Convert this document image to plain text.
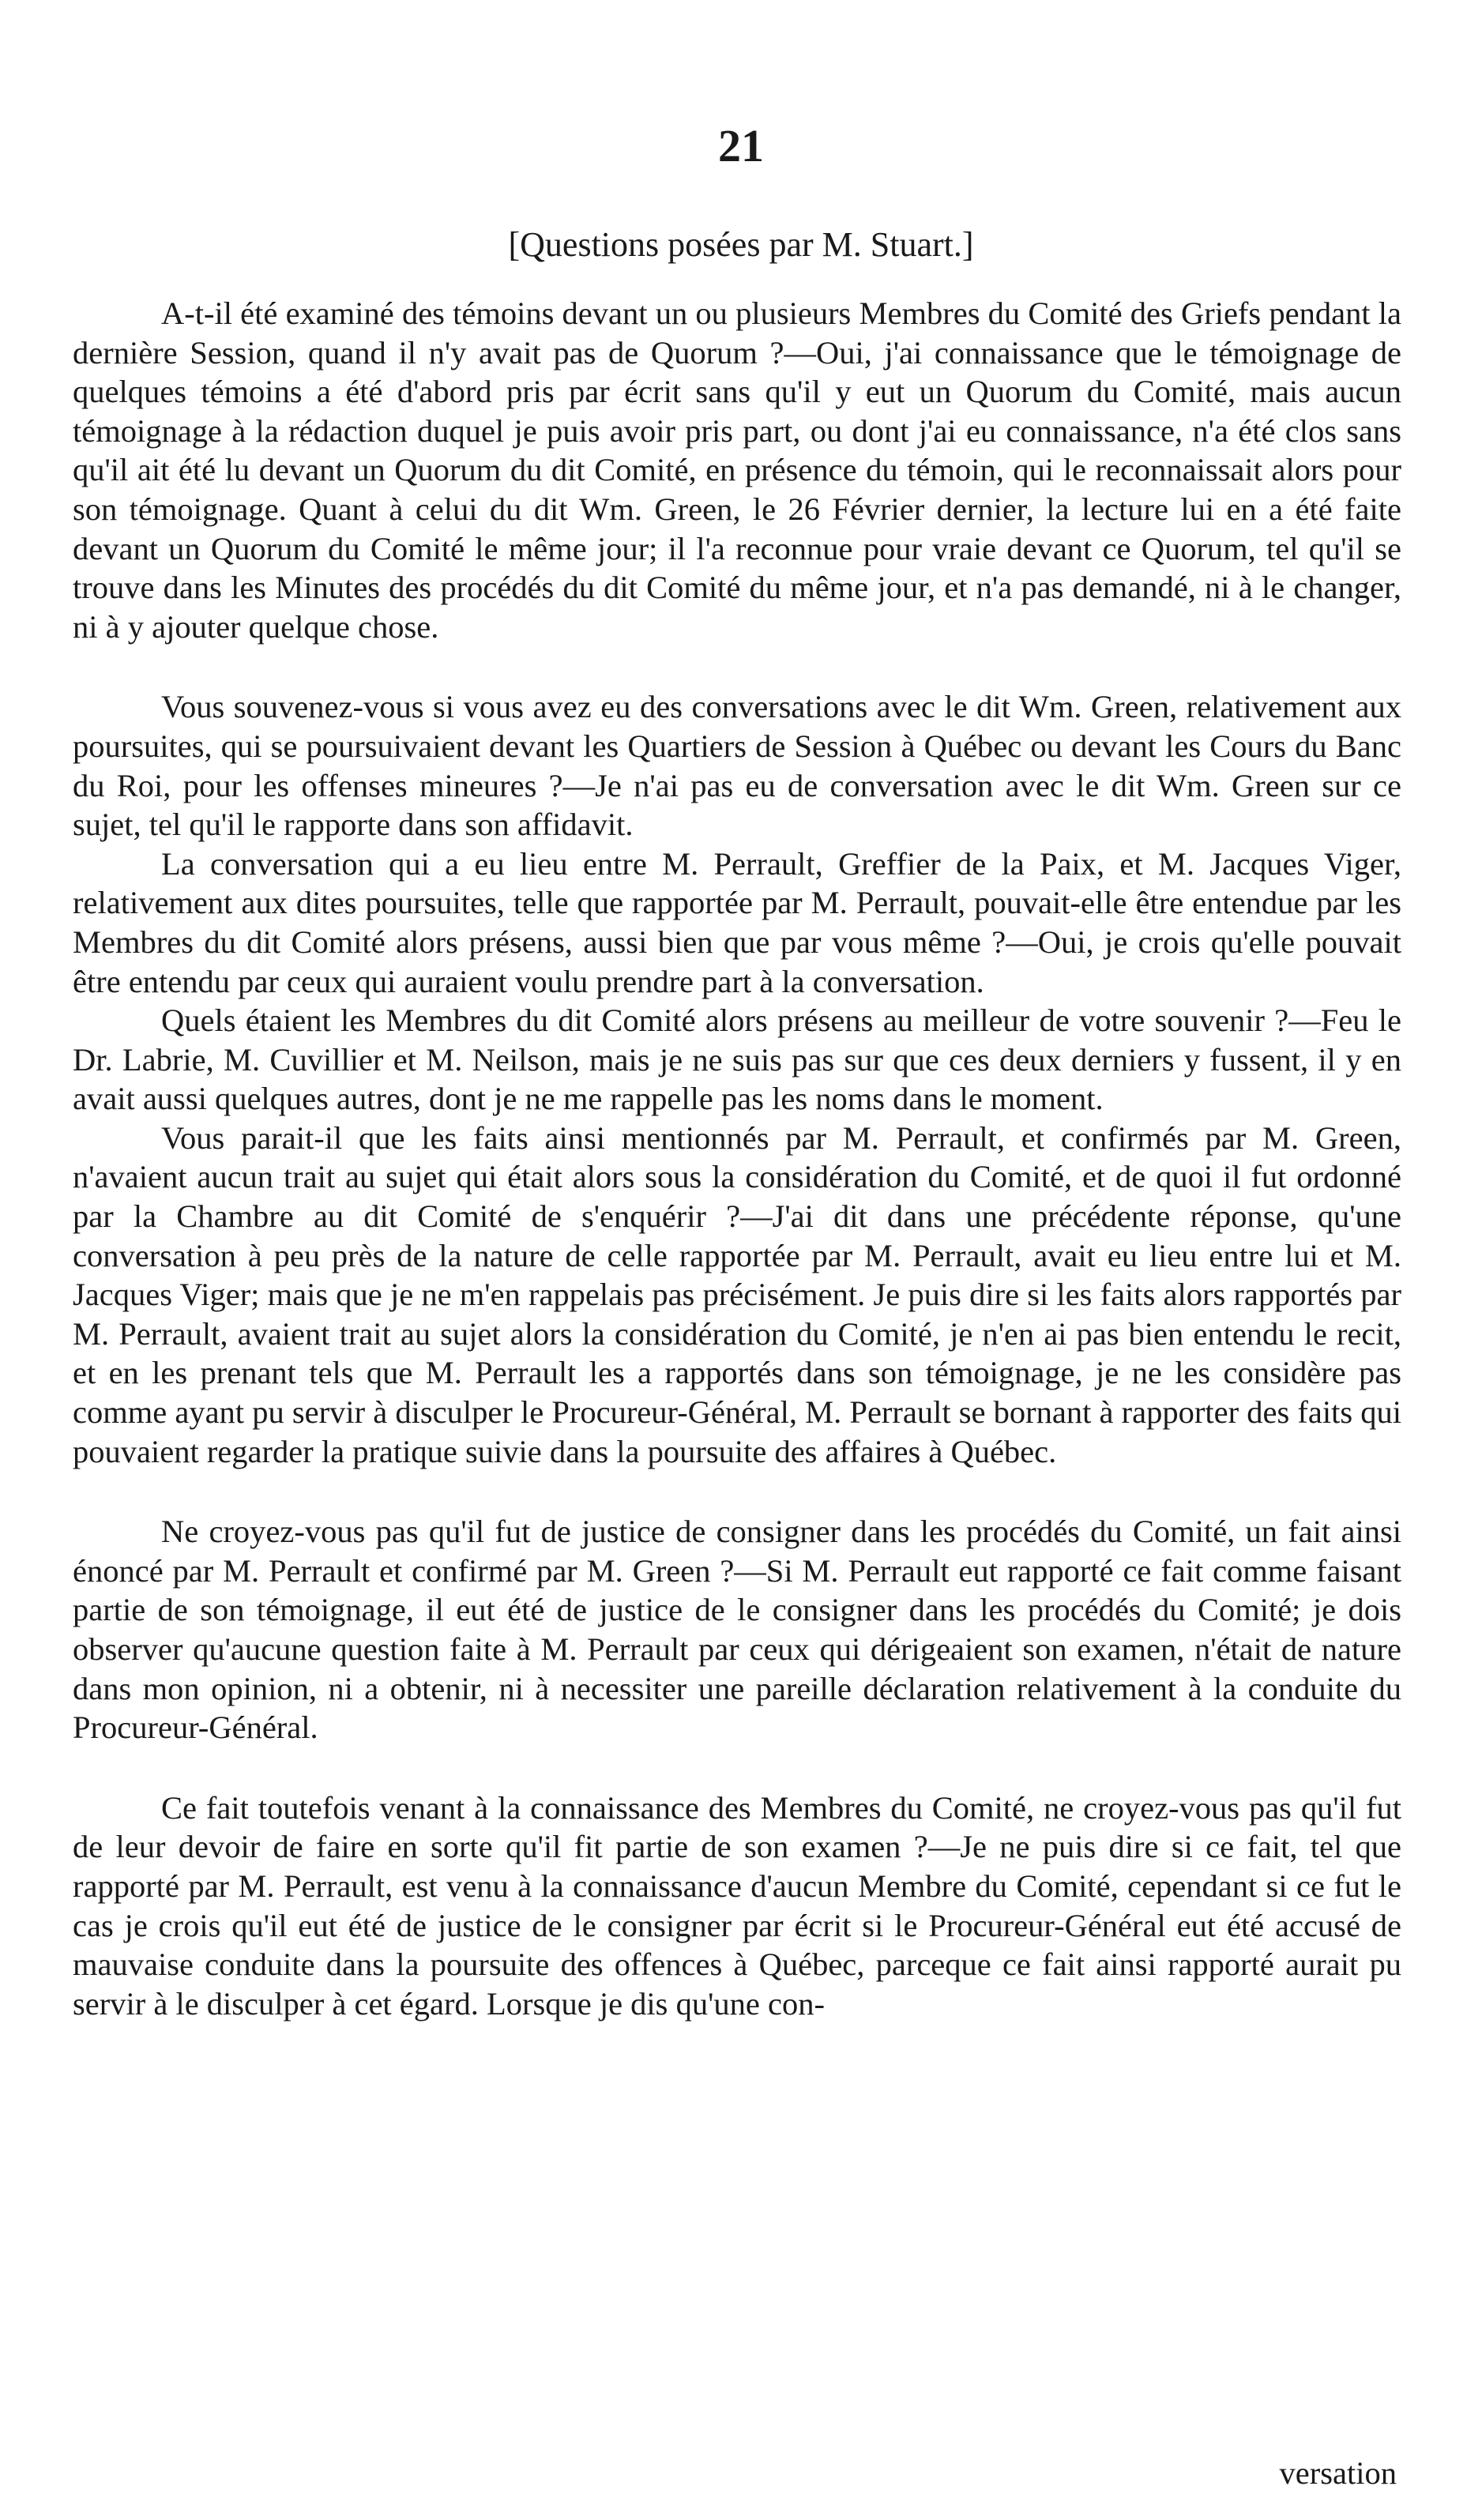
21
[Questions posées par M. Stuart.]

A-t-il été examiné des témoins devant un ou plusieurs Membres du Comité des Griefs pendant la dernière Session, quand il n'y avait pas de Quorum ?—Oui, j'ai connaissance que le témoignage de quelques témoins a été d'abord pris par écrit sans qu'il y eut un Quorum du Comité, mais aucun témoignage à la rédaction duquel je puis avoir pris part, ou dont j'ai eu connaissance, n'a été clos sans qu'il ait été lu devant un Quorum du dit Comité, en présence du témoin, qui le reconnaissait alors pour son témoignage. Quant à celui du dit Wm. Green, le 26 Février dernier, la lecture lui en a été faite devant un Quorum du Comité le même jour; il l'a reconnue pour vraie devant ce Quorum, tel qu'il se trouve dans les Minutes des procédés du dit Comité du même jour, et n'a pas demandé, ni à le changer, ni à y ajouter quelque chose.

Vous souvenez-vous si vous avez eu des conversations avec le dit Wm. Green, relativement aux poursuites, qui se poursuivaient devant les Quartiers de Session à Québec ou devant les Cours du Banc du Roi, pour les offenses mineures ?—Je n'ai pas eu de conversation avec le dit Wm. Green sur ce sujet, tel qu'il le rapporte dans son affidavit.

La conversation qui a eu lieu entre M. Perrault, Greffier de la Paix, et M. Jacques Viger, relativement aux dites poursuites, telle que rapportée par M. Perrault, pouvait-elle être entendue par les Membres du dit Comité alors présens, aussi bien que par vous même ?—Oui, je crois qu'elle pouvait être entendu par ceux qui auraient voulu prendre part à la conversation.

Quels étaient les Membres du dit Comité alors présens au meilleur de votre souvenir ?—Feu le Dr. Labrie, M. Cuvillier et M. Neilson, mais je ne suis pas sur que ces deux derniers y fussent, il y en avait aussi quelques autres, dont je ne me rappelle pas les noms dans le moment.

Vous parait-il que les faits ainsi mentionnés par M. Perrault, et confirmés par M. Green, n'avaient aucun trait au sujet qui était alors sous la considération du Comité, et de quoi il fut ordonné par la Chambre au dit Comité de s'enquérir ?—J'ai dit dans une précédente réponse, qu'une conversation à peu près de la nature de celle rapportée par M. Perrault, avait eu lieu entre lui et M. Jacques Viger; mais que je ne m'en rappelais pas précisément. Je puis dire si les faits alors rapportés par M. Perrault, avaient trait au sujet alors la considération du Comité, je n'en ai pas bien entendu le recit, et en les prenant tels que M. Perrault les a rapportés dans son témoignage, je ne les considère pas comme ayant pu servir à disculper le Procureur-Général, M. Perrault se bornant à rapporter des faits qui pouvaient regarder la pratique suivie dans la poursuite des affaires à Québec.

Ne croyez-vous pas qu'il fut de justice de consigner dans les procédés du Comité, un fait ainsi énoncé par M. Perrault et confirmé par M. Green ?—Si M. Perrault eut rapporté ce fait comme faisant partie de son témoignage, il eut été de justice de le consigner dans les procédés du Comité; je dois observer qu'aucune question faite à M. Perrault par ceux qui dérigeaient son examen, n'était de nature dans mon opinion, ni a obtenir, ni à necessiter une pareille déclaration relativement à la conduite du Procureur-Général.

Ce fait toutefois venant à la connaissance des Membres du Comité, ne croyez-vous pas qu'il fut de leur devoir de faire en sorte qu'il fit partie de son examen ?—Je ne puis dire si ce fait, tel que rapporté par M. Perrault, est venu à la connaissance d'aucun Membre du Comité, cependant si ce fut le cas je crois qu'il eut été de justice de le consigner par écrit si le Procureur-Général eut été accusé de mauvaise conduite dans la poursuite des offences à Québec, parceque ce fait ainsi rapporté aurait pu servir à le disculper à cet égard. Lorsque je dis qu'une con-

versation
